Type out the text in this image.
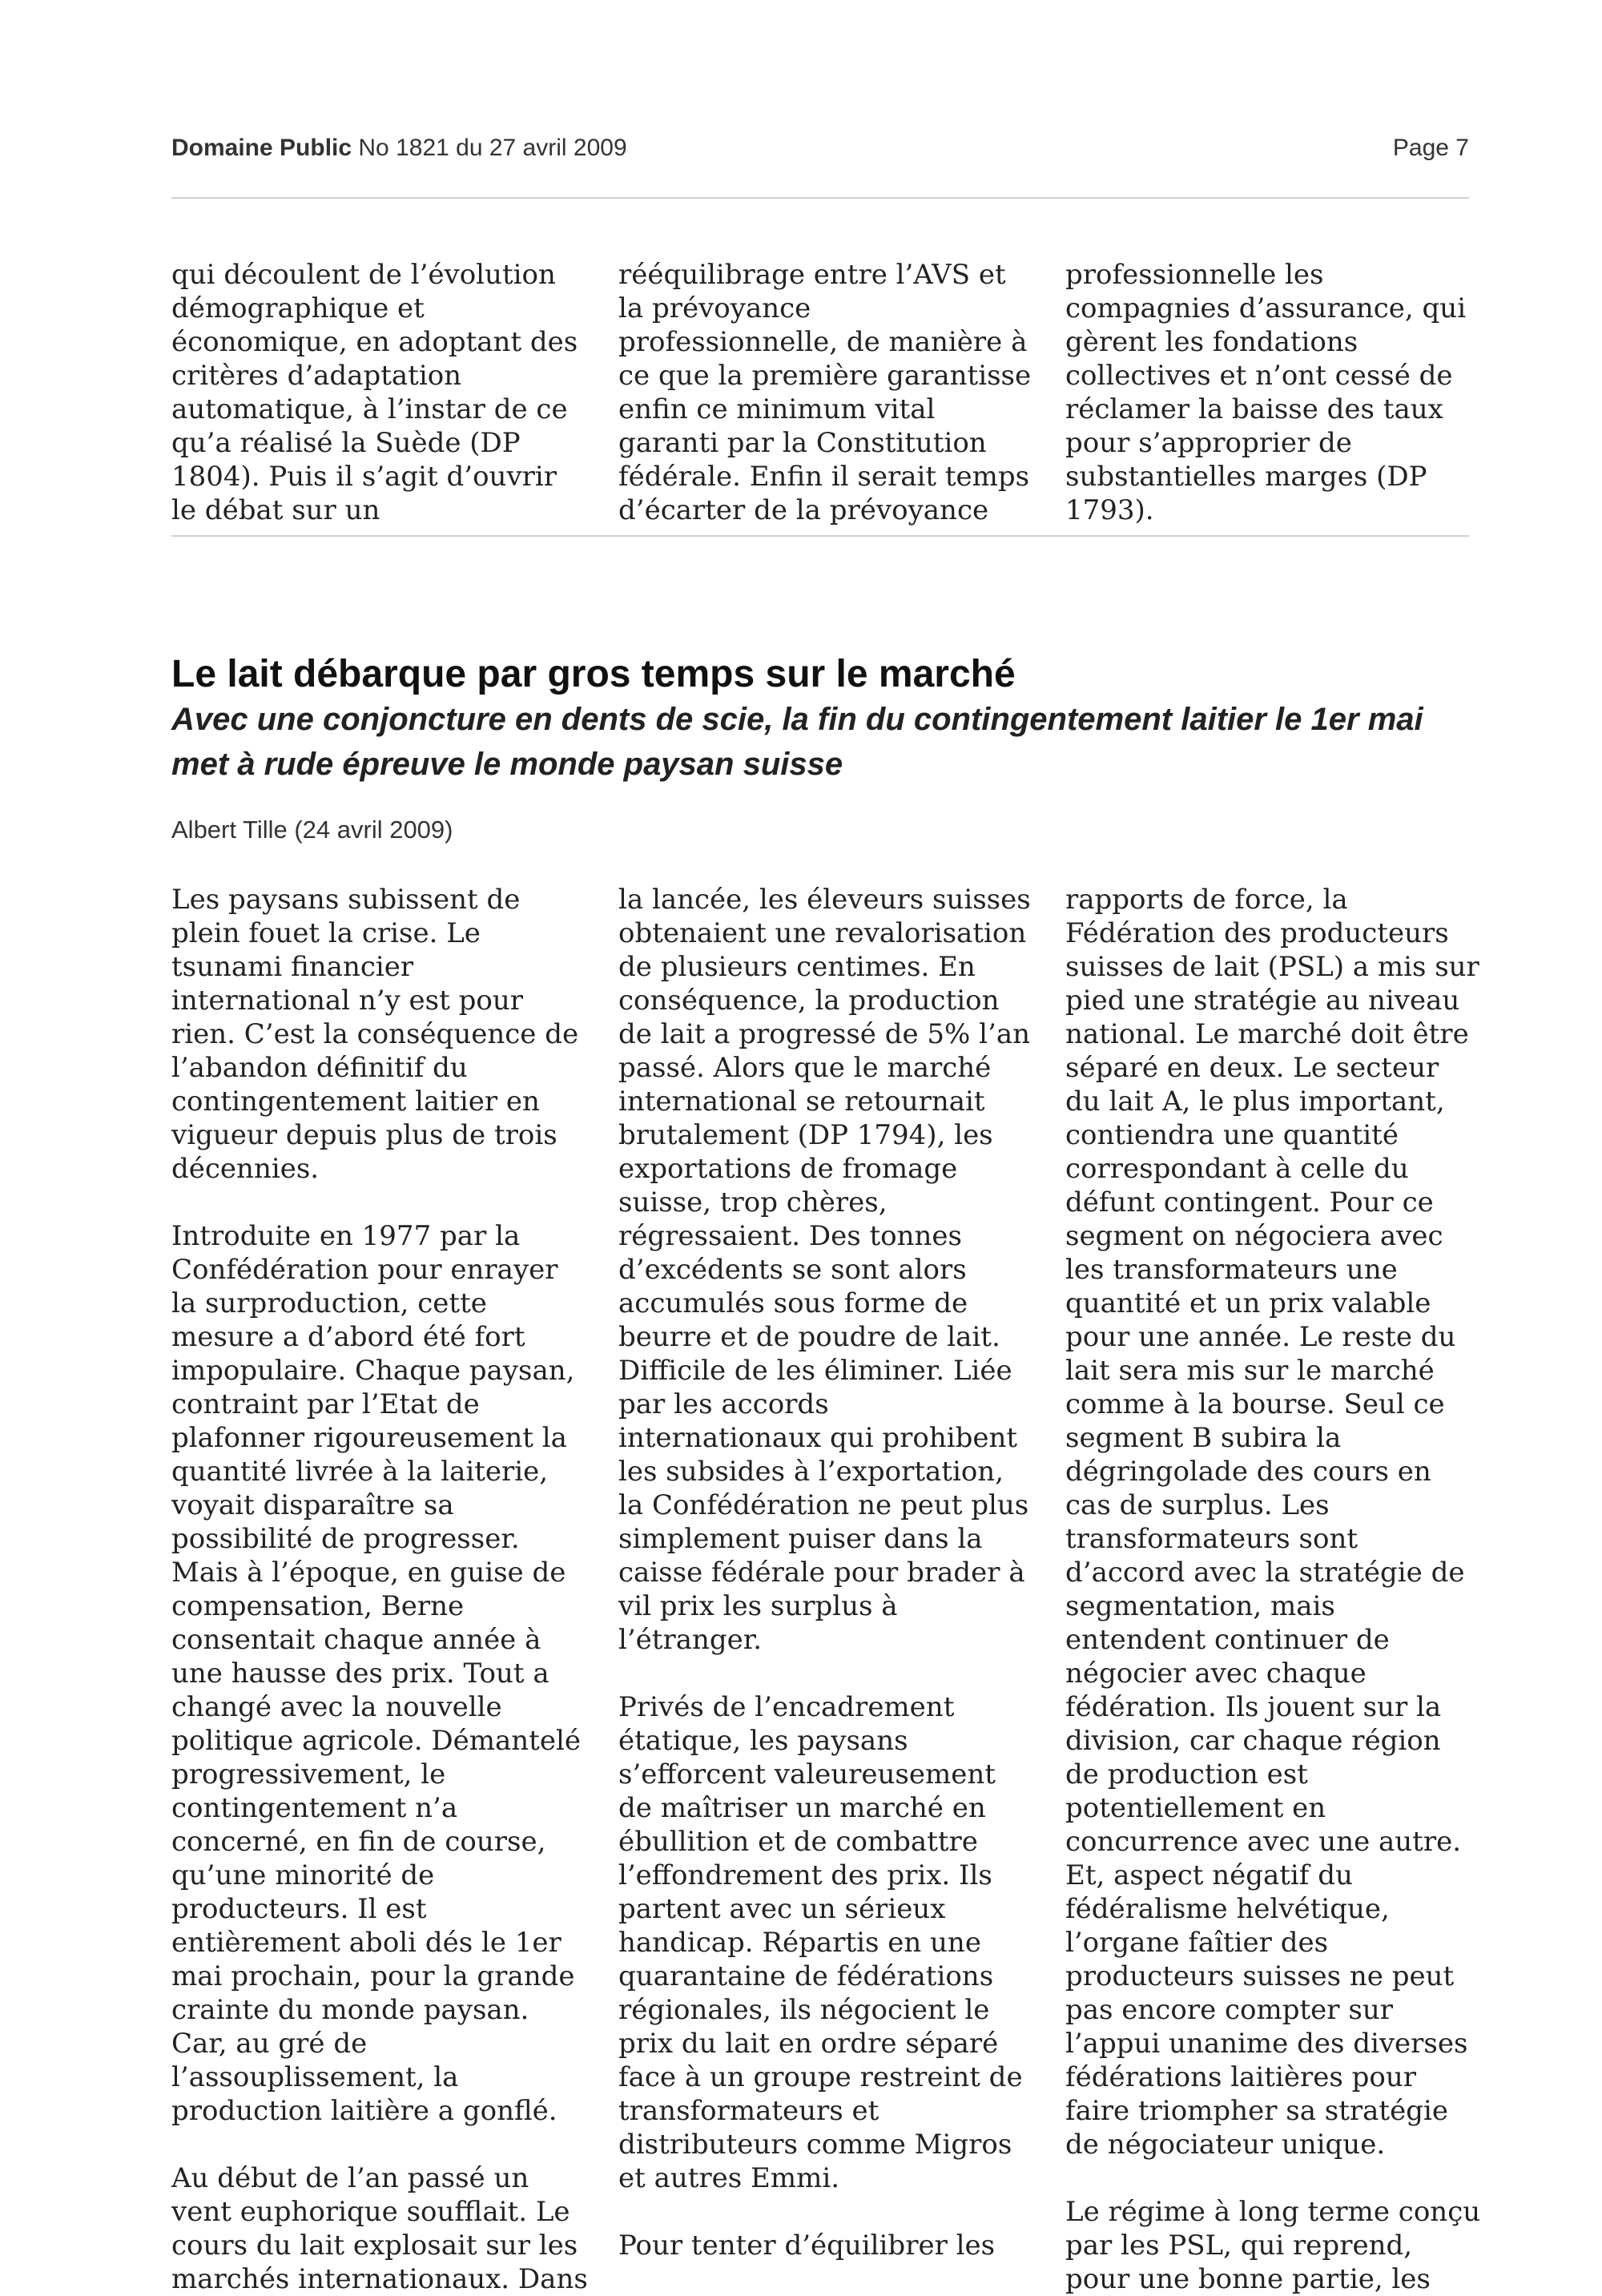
Domaine Public No 1821 du 27 avril 2009	Page 7

qui découlent de l’évolution démographique et économique, en adoptant des critères d’adaptation automatique, à l’instar de ce qu’a réalisé la Suède (DP 1804). Puis il s’agit d’ouvrir le débat sur un

rééquilibrage entre l’AVS et la prévoyance professionnelle, de manière à ce que la première garantisse enfin ce minimum vital garanti par la Constitution fédérale. Enfin il serait temps d’écarter de la prévoyance

professionnelle les compagnies d’assurance, qui gèrent les fondations collectives et n’ont cessé de réclamer la baisse des taux pour s’approprier de substantielles marges (DP 1793).

Le lait débarque par gros temps sur le marché
Avec une conjoncture en dents de scie, la fin du contingentement laitier le 1er mai met à rude épreuve le monde paysan suisse
Albert Tille (24 avril 2009)

Les paysans subissent de plein fouet la crise. Le tsunami financier international n’y est pour rien. C’est la conséquence de l’abandon définitif du contingentement laitier en vigueur depuis plus de trois décennies.

Introduite en 1977 par la Confédération pour enrayer la surproduction, cette mesure a d’abord été fort impopulaire. Chaque paysan, contraint par l’Etat de plafonner rigoureusement la quantité livrée à la laiterie, voyait disparaître sa possibilité de progresser. Mais à l’époque, en guise de compensation, Berne consentait chaque année à une hausse des prix. Tout a changé avec la nouvelle politique agricole. Démantelé progressivement, le contingentement n’a concerné, en fin de course, qu’une minorité de producteurs. Il est entièrement aboli dés le 1er mai prochain, pour la grande crainte du monde paysan. Car, au gré de l’assouplissement, la production laitière a gonflé.

Au début de l’an passé un vent euphorique soufflait. Le cours du lait explosait sur les marchés internationaux. Dans

la lancée, les éleveurs suisses obtenaient une revalorisation de plusieurs centimes. En conséquence, la production de lait a progressé de 5% l’an passé. Alors que le marché international se retournait brutalement (DP 1794), les exportations de fromage suisse, trop chères, régressaient. Des tonnes d’excédents se sont alors accumulés sous forme de beurre et de poudre de lait. Difficile de les éliminer. Liée par les accords internationaux qui prohibent les subsides à l’exportation, la Confédération ne peut plus simplement puiser dans la caisse fédérale pour brader à vil prix les surplus à l’étranger.

Privés de l’encadrement étatique, les paysans s’efforcent valeureusement de maîtriser un marché en ébullition et de combattre l’effondrement des prix. Ils partent avec un sérieux handicap. Répartis en une quarantaine de fédérations régionales, ils négocient le prix du lait en ordre séparé face à un groupe restreint de transformateurs et distributeurs comme Migros et autres Emmi.

Pour tenter d’équilibrer les

rapports de force, la Fédération des producteurs suisses de lait (PSL) a mis sur pied une stratégie au niveau national. Le marché doit être séparé en deux. Le secteur du lait A, le plus important, contiendra une quantité correspondant à celle du défunt contingent. Pour ce segment on négociera avec les transformateurs une quantité et un prix valable pour une année. Le reste du lait sera mis sur le marché comme à la bourse. Seul ce segment B subira la dégringolade des cours en cas de surplus. Les transformateurs sont d’accord avec la stratégie de segmentation, mais entendent continuer de négocier avec chaque fédération. Ils jouent sur la division, car chaque région de production est potentiellement en concurrence avec une autre. Et, aspect négatif du fédéralisme helvétique, l’organe faîtier des producteurs suisses ne peut pas encore compter sur l’appui unanime des diverses fédérations laitières pour faire triompher sa stratégie de négociateur unique.

Le régime à long terme conçu par les PSL, qui reprend, pour une bonne partie, les
